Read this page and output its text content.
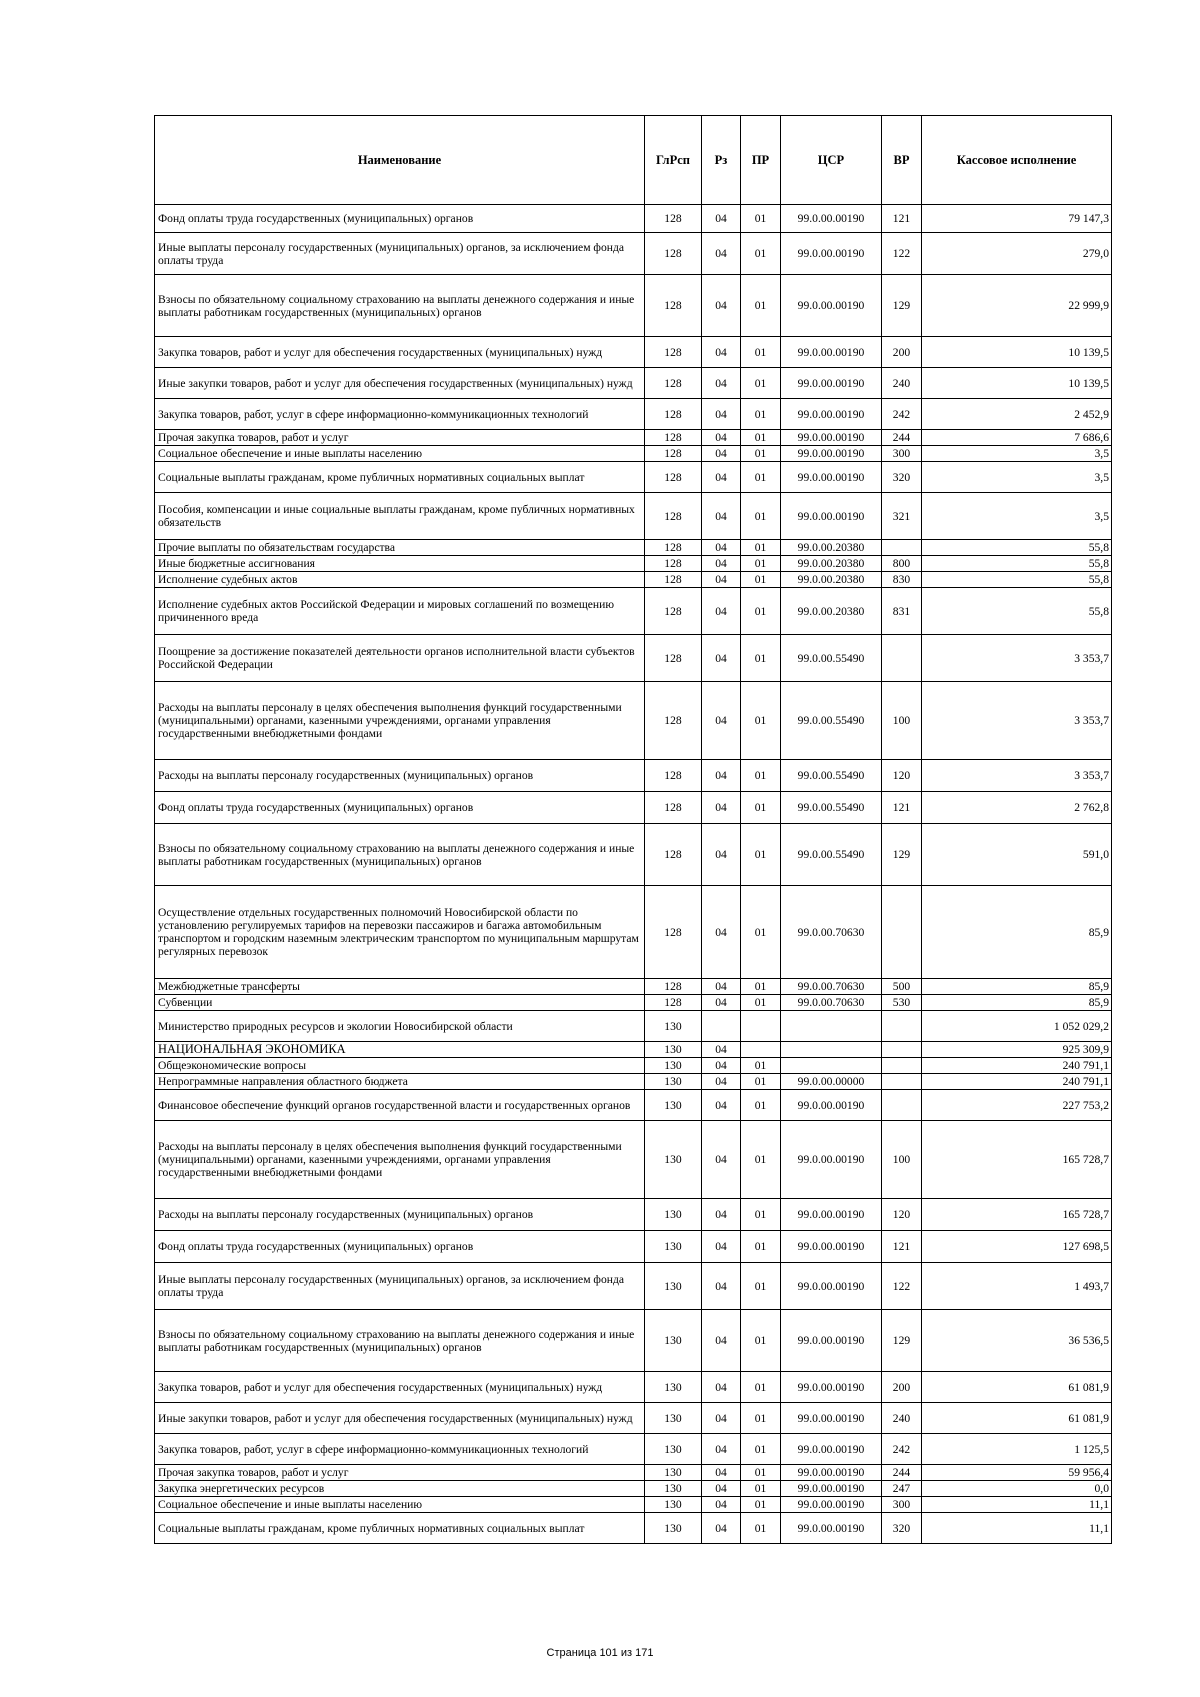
Наименование	ГлРсп	Рз	ПР	ЦСР	ВР	Кассовое исполнение
Фонд оплаты труда государственных (муниципальных) органов	128	04	01	99.0.00.00190	121	79 147,3
Иные выплаты персоналу государственных (муниципальных) органов, за исключением фонда оплаты труда	128	04	01	99.0.00.00190	122	279,0
Взносы по обязательному социальному страхованию на выплаты денежного содержания и иные выплаты работникам государственных (муниципальных) органов	128	04	01	99.0.00.00190	129	22 999,9
Закупка товаров, работ и услуг для обеспечения государственных (муниципальных) нужд	128	04	01	99.0.00.00190	200	10 139,5
Иные закупки товаров, работ и услуг для обеспечения государственных (муниципальных) нужд	128	04	01	99.0.00.00190	240	10 139,5
Закупка товаров, работ, услуг в сфере информационно-коммуникационных технологий	128	04	01	99.0.00.00190	242	2 452,9
Прочая закупка товаров, работ и услуг	128	04	01	99.0.00.00190	244	7 686,6
Социальное обеспечение и иные выплаты населению	128	04	01	99.0.00.00190	300	3,5
Социальные выплаты гражданам, кроме публичных нормативных социальных выплат	128	04	01	99.0.00.00190	320	3,5
Пособия, компенсации и иные социальные выплаты гражданам, кроме публичных нормативных обязательств	128	04	01	99.0.00.00190	321	3,5
Прочие выплаты по обязательствам государства	128	04	01	99.0.00.20380		55,8
Иные бюджетные ассигнования	128	04	01	99.0.00.20380	800	55,8
Исполнение судебных актов	128	04	01	99.0.00.20380	830	55,8
Исполнение судебных актов Российской Федерации и мировых соглашений по возмещению причиненного вреда	128	04	01	99.0.00.20380	831	55,8
Поощрение за достижение показателей деятельности органов исполнительной власти субъектов Российской Федерации	128	04	01	99.0.00.55490		3 353,7
Расходы на выплаты персоналу в целях обеспечения выполнения функций государственными (муниципальными) органами, казенными учреждениями, органами управления государственными внебюджетными фондами	128	04	01	99.0.00.55490	100	3 353,7
Расходы на выплаты персоналу государственных (муниципальных) органов	128	04	01	99.0.00.55490	120	3 353,7
Фонд оплаты труда государственных (муниципальных) органов	128	04	01	99.0.00.55490	121	2 762,8
Взносы по обязательному социальному страхованию на выплаты денежного содержания и иные выплаты работникам государственных (муниципальных) органов	128	04	01	99.0.00.55490	129	591,0
Осуществление отдельных государственных полномочий Новосибирской области по установлению регулируемых тарифов на перевозки пассажиров и багажа автомобильным транспортом и городским наземным электрическим транспортом по муниципальным маршрутам регулярных перевозок	128	04	01	99.0.00.70630		85,9
Межбюджетные трансферты	128	04	01	99.0.00.70630	500	85,9
Субвенции	128	04	01	99.0.00.70630	530	85,9
Министерство природных ресурсов и экологии Новосибирской области	130					1 052 029,2
НАЦИОНАЛЬНАЯ ЭКОНОМИКА	130	04				925 309,9
Общеэкономические вопросы	130	04	01			240 791,1
Непрограммные направления областного бюджета	130	04	01	99.0.00.00000		240 791,1
Финансовое обеспечение функций органов государственной власти и государственных органов	130	04	01	99.0.00.00190		227 753,2
Расходы на выплаты персоналу в целях обеспечения выполнения функций государственными (муниципальными) органами, казенными учреждениями, органами управления государственными внебюджетными фондами	130	04	01	99.0.00.00190	100	165 728,7
Расходы на выплаты персоналу государственных (муниципальных) органов	130	04	01	99.0.00.00190	120	165 728,7
Фонд оплаты труда государственных (муниципальных) органов	130	04	01	99.0.00.00190	121	127 698,5
Иные выплаты персоналу государственных (муниципальных) органов, за исключением фонда оплаты труда	130	04	01	99.0.00.00190	122	1 493,7
Взносы по обязательному социальному страхованию на выплаты денежного содержания и иные выплаты работникам государственных (муниципальных) органов	130	04	01	99.0.00.00190	129	36 536,5
Закупка товаров, работ и услуг для обеспечения государственных (муниципальных) нужд	130	04	01	99.0.00.00190	200	61 081,9
Иные закупки товаров, работ и услуг для обеспечения государственных (муниципальных) нужд	130	04	01	99.0.00.00190	240	61 081,9
Закупка товаров, работ, услуг в сфере информационно-коммуникационных технологий	130	04	01	99.0.00.00190	242	1 125,5
Прочая закупка товаров, работ и услуг	130	04	01	99.0.00.00190	244	59 956,4
Закупка энергетических ресурсов	130	04	01	99.0.00.00190	247	0,0
Социальное обеспечение и иные выплаты населению	130	04	01	99.0.00.00190	300	11,1
Социальные выплаты гражданам, кроме публичных нормативных социальных выплат	130	04	01	99.0.00.00190	320	11,1
Страница 101 из 171
